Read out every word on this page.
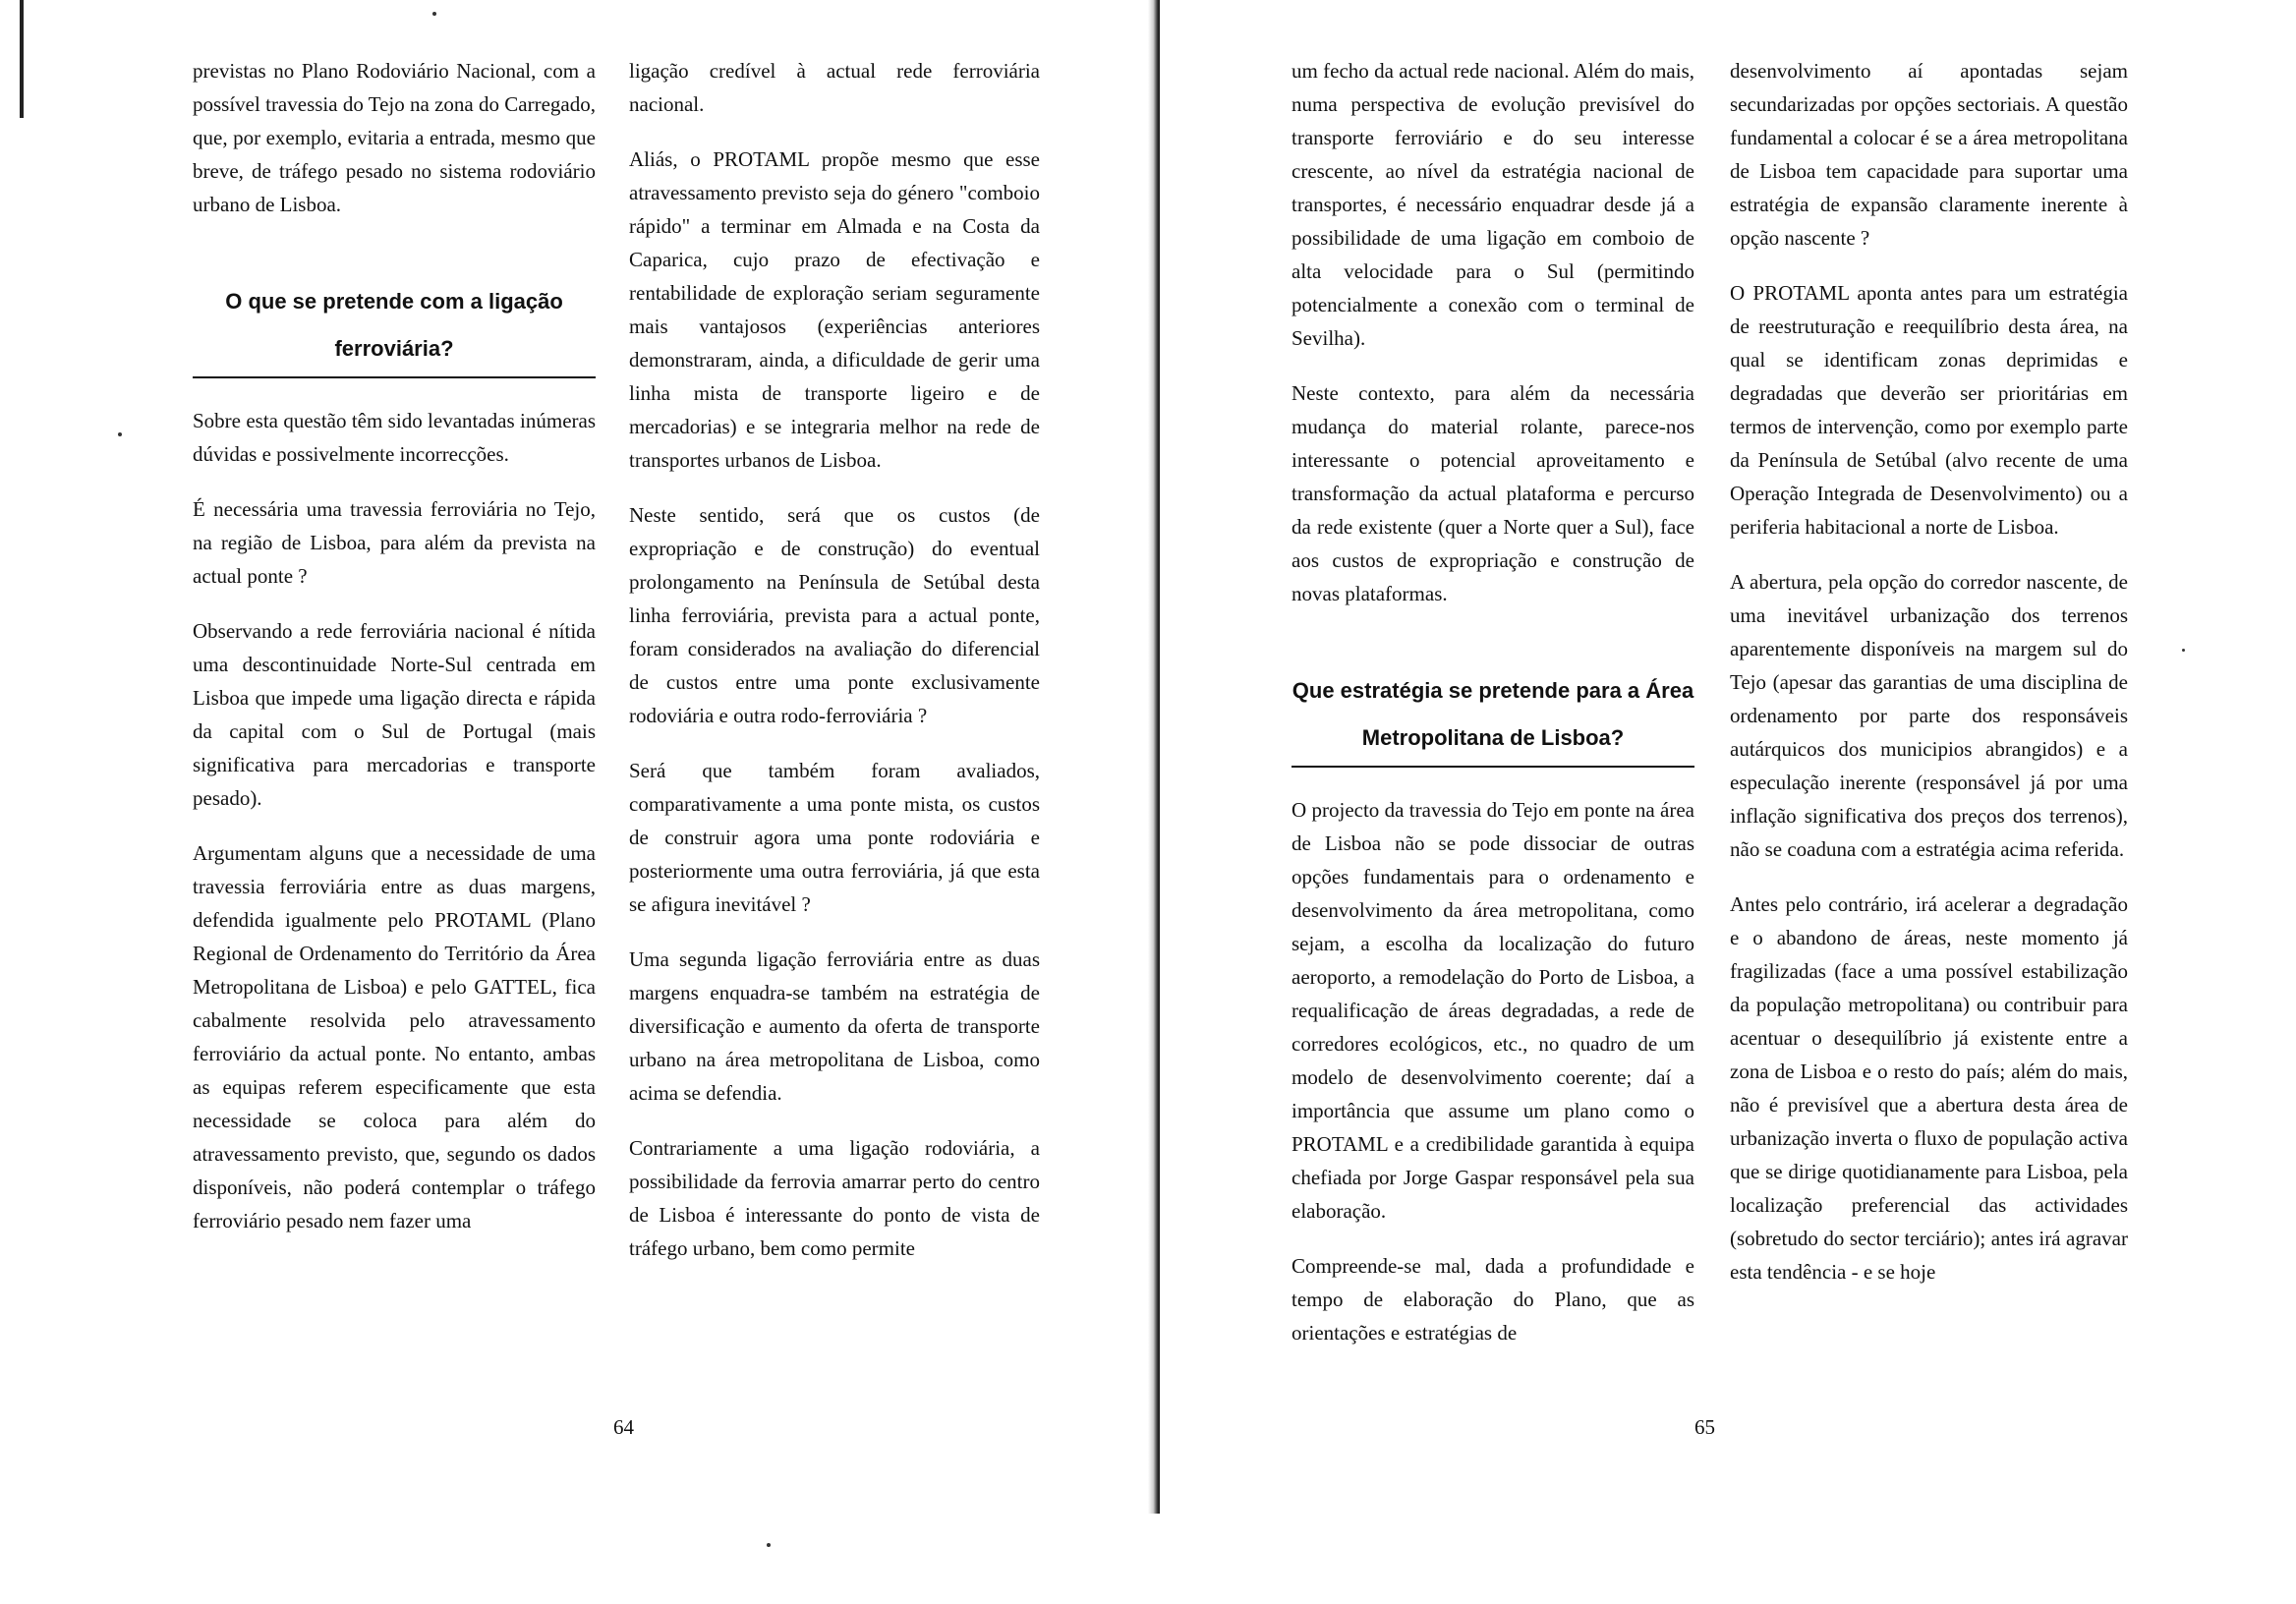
previstas no Plano Rodoviário Nacional, com a possível travessia do Tejo na zona do Carregado, que, por exemplo, evitaria a entrada, mesmo que breve, de tráfego pesado no sistema rodoviário urbano de Lisboa.

O que se pretende com a ligação ferroviária?

Sobre esta questão têm sido levantadas inúmeras dúvidas e possivelmente incorrecções.

É necessária uma travessia ferroviária no Tejo, na região de Lisboa, para além da prevista na actual ponte ?

Observando a rede ferroviária nacional é nítida uma descontinuidade Norte-Sul centrada em Lisboa que impede uma ligação directa e rápida da capital com o Sul de Portugal (mais significativa para mercadorias e transporte pesado).

Argumentam alguns que a necessidade de uma travessia ferroviária entre as duas margens, defendida igualmente pelo PROTAML (Plano Regional de Ordenamento do Território da Área Metropolitana de Lisboa) e pelo GATTEL, fica cabalmente resolvida pelo atravessamento ferroviário da actual ponte. No entanto, ambas as equipas referem especificamente que esta necessidade se coloca para além do atravessamento previsto, que, segundo os dados disponíveis, não poderá contemplar o tráfego ferroviário pesado nem fazer uma

ligação credível à actual rede ferroviária nacional.

Aliás, o PROTAML propõe mesmo que esse atravessamento previsto seja do género "comboio rápido" a terminar em Almada e na Costa da Caparica, cujo prazo de efectivação e rentabilidade de exploração seriam seguramente mais vantajosos (experiências anteriores demonstraram, ainda, a dificuldade de gerir uma linha mista de transporte ligeiro e de mercadorias) e se integraria melhor na rede de transportes urbanos de Lisboa.

Neste sentido, será que os custos (de expropriação e de construção) do eventual prolongamento na Península de Setúbal desta linha ferroviária, prevista para a actual ponte, foram considerados na avaliação do diferencial de custos entre uma ponte exclusivamente rodoviária e outra rodo-ferroviária ?

Será que também foram avaliados, comparativamente a uma ponte mista, os custos de construir agora uma ponte rodoviária e posteriormente uma outra ferroviária, já que esta se afigura inevitável ?

Uma segunda ligação ferroviária entre as duas margens enquadra-se também na estratégia de diversificação e aumento da oferta de transporte urbano na área metropolitana de Lisboa, como acima se defendia.

Contrariamente a uma ligação rodoviária, a possibilidade da ferrovia amarrar perto do centro de Lisboa é interessante do ponto de vista de tráfego urbano, bem como permite

64

um fecho da actual rede nacional. Além do mais, numa perspectiva de evolução previsível do transporte ferroviário e do seu interesse crescente, ao nível da estratégia nacional de transportes, é necessário enquadrar desde já a possibilidade de uma ligação em comboio de alta velocidade para o Sul (permitindo potencialmente a conexão com o terminal de Sevilha).

Neste contexto, para além da necessária mudança do material rolante, parece-nos interessante o potencial aproveitamento e transformação da actual plataforma e percurso da rede existente (quer a Norte quer a Sul), face aos custos de expropriação e construção de novas plataformas.

Que estratégia se pretende para a Área Metropolitana de Lisboa?

O projecto da travessia do Tejo em ponte na área de Lisboa não se pode dissociar de outras opções fundamentais para o ordenamento e desenvolvimento da área metropolitana, como sejam, a escolha da localização do futuro aeroporto, a remodelação do Porto de Lisboa, a requalificação de áreas degradadas, a rede de corredores ecológicos, etc., no quadro de um modelo de desenvolvimento coerente; daí a importância que assume um plano como o PROTAML e a credibilidade garantida à equipa chefiada por Jorge Gaspar responsável pela sua elaboração.

Compreende-se mal, dada a profundidade e tempo de elaboração do Plano, que as orientações e estratégias de

desenvolvimento aí apontadas sejam secundarizadas por opções sectoriais. A questão fundamental a colocar é se a área metropolitana de Lisboa tem capacidade para suportar uma estratégia de expansão claramente inerente à opção nascente ?

O PROTAML aponta antes para um estratégia de reestruturação e reequilíbrio desta área, na qual se identificam zonas deprimidas e degradadas que deverão ser prioritárias em termos de intervenção, como por exemplo parte da Península de Setúbal (alvo recente de uma Operação Integrada de Desenvolvimento) ou a periferia habitacional a norte de Lisboa.

A abertura, pela opção do corredor nascente, de uma inevitável urbanização dos terrenos aparentemente disponíveis na margem sul do Tejo (apesar das garantias de uma disciplina de ordenamento por parte dos responsáveis autárquicos dos municipios abrangidos) e a especulação inerente (responsável já por uma inflação significativa dos preços dos terrenos), não se coaduna com a estratégia acima referida.

Antes pelo contrário, irá acelerar a degradação e o abandono de áreas, neste momento já fragilizadas (face a uma possível estabilização da população metropolitana) ou contribuir para acentuar o desequilíbrio já existente entre a zona de Lisboa e o resto do país; além do mais, não é previsível que a abertura desta área de urbanização inverta o fluxo de população activa que se dirige quotidianamente para Lisboa, pela localização preferencial das actividades (sobretudo do sector terciário); antes irá agravar esta tendência - e se hoje

65
